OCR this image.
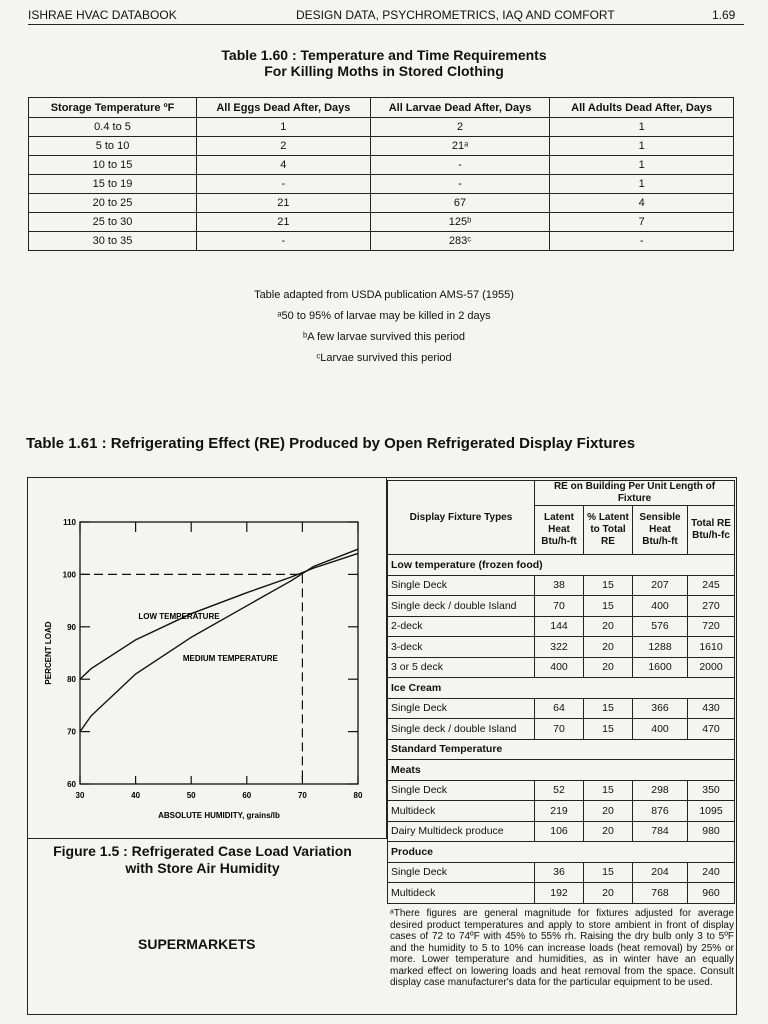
ISHRAE HVAC DATABOOK	DESIGN DATA, PSYCHROMETRICS, IAQ AND COMFORT	1.69
Table 1.60 : Temperature and Time Requirements
For Killing Moths in Stored Clothing
Storage Temperature ºF	All Eggs Dead After, Days	All Larvae Dead After, Days	All Adults Dead After, Days
0.4 to 5	1	2	1
5 to 10	2	21ᵃ	1
10 to 15	4	-	1
15 to 19	-	-	1
20 to 25	21	67	4
25 to 30	21	125ᵇ	7
30 to 35	-	283ᶜ	-
Table adapted from USDA publication AMS-57 (1955)
ᵃ50 to 95% of larvae may be killed in 2 days
ᵇA few larvae survived this period
ᶜLarvae survived this period
Table 1.61 : Refrigerating Effect (RE) Produced by Open Refrigerated Display Fixtures
30	40	50	60	70	80
60
70
80
90
100
110
LOW TEMPERATURE
MEDIUM TEMPERATURE
ABSOLUTE HUMIDITY, grains/lb
PERCENT LOAD
Figure 1.5 : Refrigerated Case Load Variation
with Store Air Humidity
SUPERMARKETS
Display Fixture Types	RE on Building Per Unit Length of Fixture			
	Latent Heat Btu/h-ft	% Latent to Total RE	Sensible Heat Btu/h-ft	Total RE Btu/h-fc
Low temperature (frozen food)				
Single Deck	38	15	207	245
Single deck / double Island	70	15	400	270
2-deck	144	20	576	720
3-deck	322	20	1288	1610
3 or 5 deck	400	20	1600	2000
Ice Cream				
Single Deck	64	15	366	430
Single deck / double Island	70	15	400	470
Standard Temperature				
Meats				
Single Deck	52	15	298	350
Multideck	219	20	876	1095
Dairy Multideck produce	106	20	784	980
Produce				
Single Deck	36	15	204	240
Multideck	192	20	768	960
ᵃThere figures are general magnitude for fixtures adjusted for average desired product temperatures and apply to store ambient in front of display cases of 72 to 74ºF with 45% to 55% rh. Raising the dry bulb only 3 to 5ºF and the humidity to 5 to 10% can increase loads (heat removal) by 25% or more. Lower temperature and humidities, as in winter have an equally marked effect on lowering loads and heat removal from the space. Consult display case manufacturer's data for the particular equipment to be used.
